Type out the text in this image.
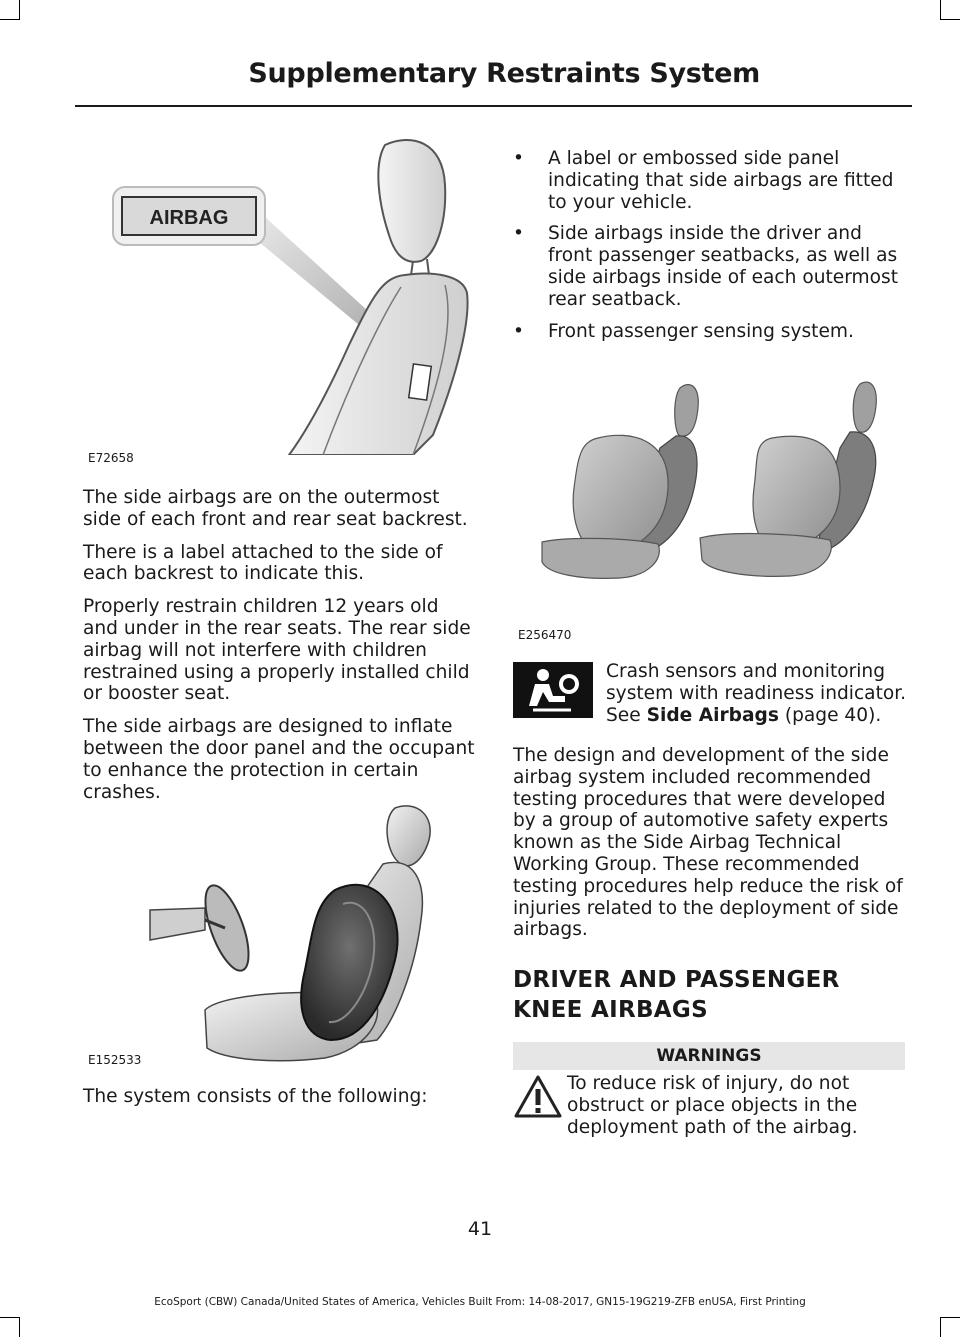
Supplementary Restraints System
AIRBAG
E72658

The side airbags are on the outermost side of each front and rear seat backrest.

There is a label attached to the side of each backrest to indicate this.

Properly restrain children 12 years old and under in the rear seats. The rear side airbag will not interfere with children restrained using a properly installed child or booster seat.

The side airbags are designed to inflate between the door panel and the occupant to enhance the protection in certain crashes.

E152533

The system consists of the following:

• A label or embossed side panel indicating that side airbags are fitted to your vehicle.
• Side airbags inside the driver and front passenger seatbacks, as well as side airbags inside of each outermost rear seatback.
• Front passenger sensing system.
E256470

Crash sensors and monitoring system with readiness indicator. See Side Airbags (page 40).

The design and development of the side airbag system included recommended testing procedures that were developed by a group of automotive safety experts known as the Side Airbag Technical Working Group. These recommended testing procedures help reduce the risk of injuries related to the deployment of side airbags.

DRIVER AND PASSENGER
KNEE AIRBAGS
WARNINGS

To reduce risk of injury, do not obstruct or place objects in the deployment path of the airbag.

41
EcoSport (CBW) Canada/United States of America, Vehicles Built From: 14-08-2017, GN15-19G219-ZFB enUSA, First Printing
